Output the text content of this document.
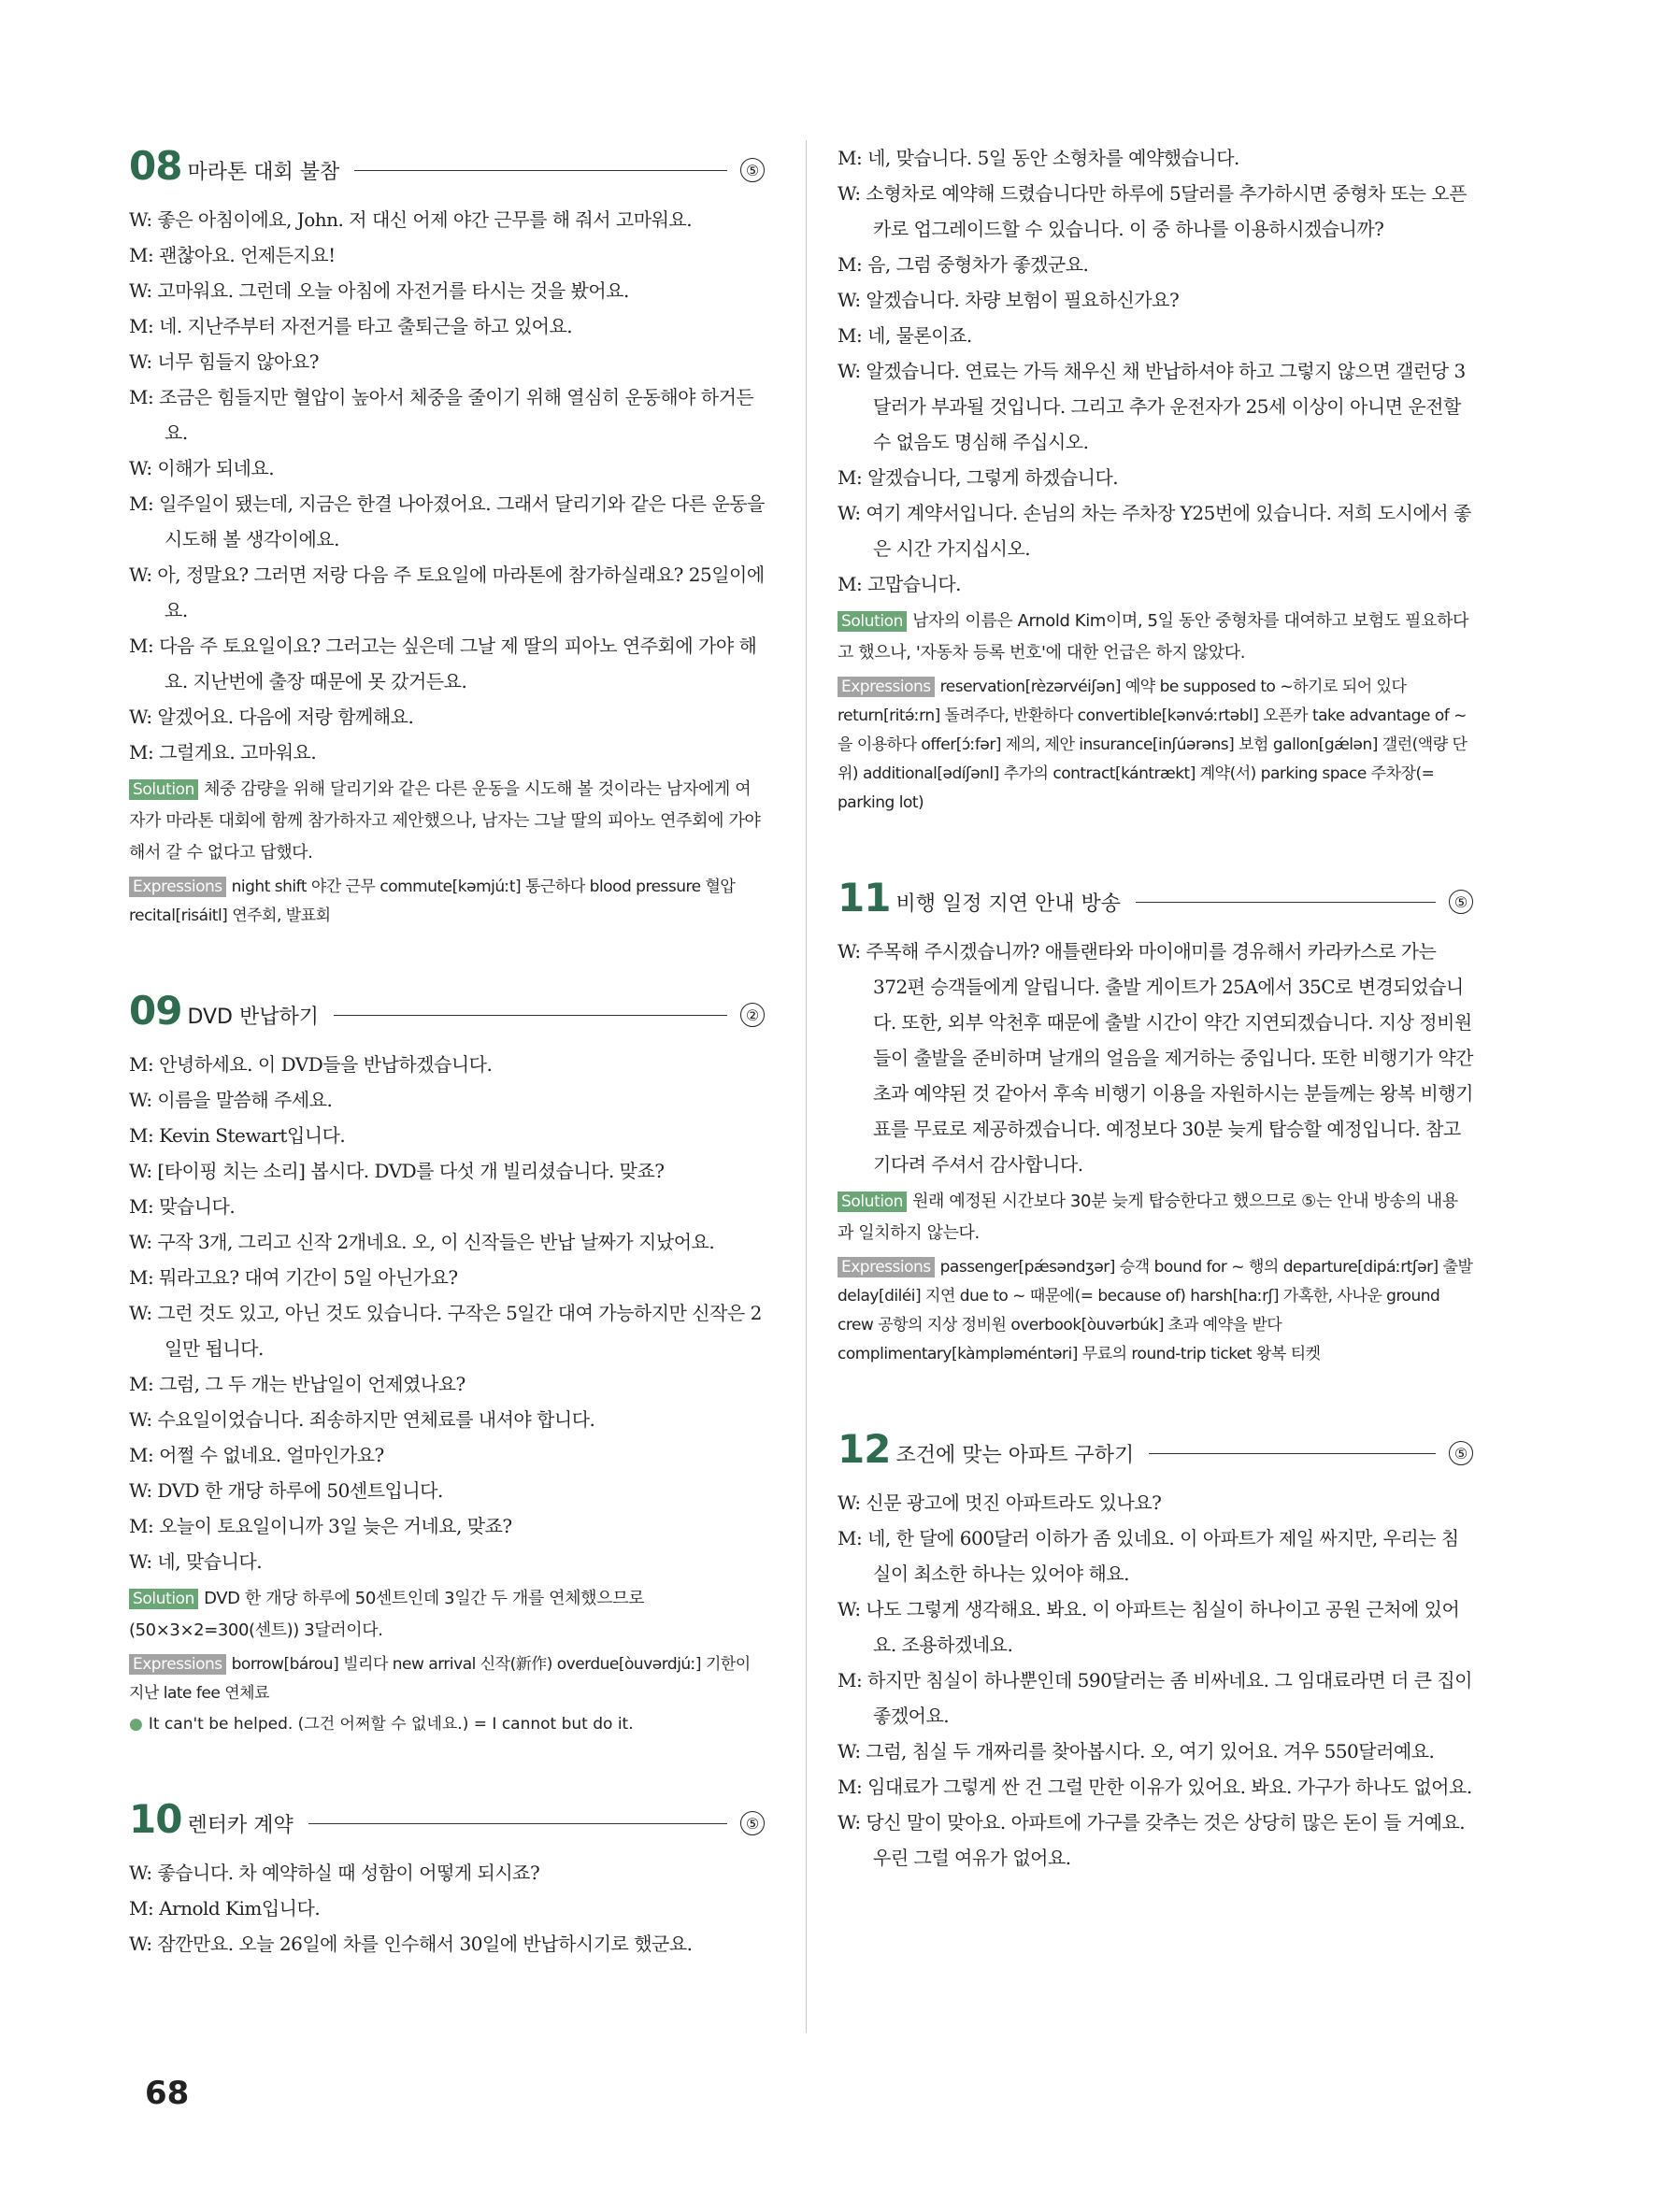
08 마라톤 대회 불참	⑤
W: 좋은 아침이에요, John. 저 대신 어제 야간 근무를 해 줘서 고마워요.
M: 괜찮아요. 언제든지요!
W: 고마워요. 그런데 오늘 아침에 자전거를 타시는 것을 봤어요.
M: 네. 지난주부터 자전거를 타고 출퇴근을 하고 있어요.
W: 너무 힘들지 않아요?
M: 조금은 힘들지만 혈압이 높아서 체중을 줄이기 위해 열심히 운동해야 하거든요.
W: 이해가 되네요.
M: 일주일이 됐는데, 지금은 한결 나아졌어요. 그래서 달리기와 같은 다른 운동을 시도해 볼 생각이에요.
W: 아, 정말요? 그러면 저랑 다음 주 토요일에 마라톤에 참가하실래요? 25일이에요.
M: 다음 주 토요일이요? 그러고는 싶은데 그날 제 딸의 피아노 연주회에 가야 해요. 지난번에 출장 때문에 못 갔거든요.
W: 알겠어요. 다음에 저랑 함께해요.
M: 그럴게요. 고마워요.
Solution 체중 감량을 위해 달리기와 같은 다른 운동을 시도해 볼 것이라는 남자에게 여자가 마라톤 대회에 함께 참가하자고 제안했으나, 남자는 그날 딸의 피아노 연주회에 가야 해서 갈 수 없다고 답했다.
Expressions night shift 야간 근무 commute[kəmjúːt] 통근하다 blood pressure 혈압 recital[risáitl] 연주회, 발표회
09 DVD 반납하기	②
M: 안녕하세요. 이 DVD들을 반납하겠습니다.
W: 이름을 말씀해 주세요.
M: Kevin Stewart입니다.
W: [타이핑 치는 소리] 봅시다. DVD를 다섯 개 빌리셨습니다. 맞죠?
M: 맞습니다.
W: 구작 3개, 그리고 신작 2개네요. 오, 이 신작들은 반납 날짜가 지났어요.
M: 뭐라고요? 대여 기간이 5일 아닌가요?
W: 그런 것도 있고, 아닌 것도 있습니다. 구작은 5일간 대여 가능하지만 신작은 2일만 됩니다.
M: 그럼, 그 두 개는 반납일이 언제였나요?
W: 수요일이었습니다. 죄송하지만 연체료를 내셔야 합니다.
M: 어쩔 수 없네요. 얼마인가요?
W: DVD 한 개당 하루에 50센트입니다.
M: 오늘이 토요일이니까 3일 늦은 거네요, 맞죠?
W: 네, 맞습니다.
Solution DVD 한 개당 하루에 50센트인데 3일간 두 개를 연체했으므로 (50×3×2=300(센트)) 3달러이다.
Expressions borrow[bárou] 빌리다 new arrival 신작(新作) overdue[òuvərdjúː] 기한이 지난 late fee 연체료
● It can't be helped. (그건 어쩌할 수 없네요.) = I cannot but do it.
10 렌터카 계약	⑤
W: 좋습니다. 차 예약하실 때 성함이 어떻게 되시죠?
M: Arnold Kim입니다.
W: 잠깐만요. 오늘 26일에 차를 인수해서 30일에 반납하시기로 했군요.
M: 네, 맞습니다. 5일 동안 소형차를 예약했습니다.
W: 소형차로 예약해 드렸습니다만 하루에 5달러를 추가하시면 중형차 또는 오픈카로 업그레이드할 수 있습니다. 이 중 하나를 이용하시겠습니까?
M: 음, 그럼 중형차가 좋겠군요.
W: 알겠습니다. 차량 보험이 필요하신가요?
M: 네, 물론이죠.
W: 알겠습니다. 연료는 가득 채우신 채 반납하셔야 하고 그렇지 않으면 갤런당 3달러가 부과될 것입니다. 그리고 추가 운전자가 25세 이상이 아니면 운전할 수 없음도 명심해 주십시오.
M: 알겠습니다, 그렇게 하겠습니다.
W: 여기 계약서입니다. 손님의 차는 주차장 Y25번에 있습니다. 저희 도시에서 좋은 시간 가지십시오.
M: 고맙습니다.
Solution 남자의 이름은 Arnold Kim이며, 5일 동안 중형차를 대여하고 보험도 필요하다고 했으나, '자동차 등록 번호'에 대한 언급은 하지 않았다.
Expressions reservation[rèzərvéiʃən] 예약 be supposed to ~하기로 되어 있다 return[ritə́ːrn] 돌려주다, 반환하다 convertible[kənvə́ːrtəbl] 오픈카 take advantage of ~을 이용하다 offer[ɔ́ːfər] 제의, 제안 insurance[inʃúərəns] 보험 gallon[gǽlən] 갤런(액량 단위) additional[ədíʃənl] 추가의 contract[kántrækt] 계약(서) parking space 주차장(= parking lot)
11 비행 일정 지연 안내 방송	⑤
W: 주목해 주시겠습니까? 애틀랜타와 마이애미를 경유해서 카라카스로 가는 372편 승객들에게 알립니다. 출발 게이트가 25A에서 35C로 변경되었습니다. 또한, 외부 악천후 때문에 출발 시간이 약간 지연되겠습니다. 지상 정비원들이 출발을 준비하며 날개의 얼음을 제거하는 중입니다. 또한 비행기가 약간 초과 예약된 것 같아서 후속 비행기 이용을 자원하시는 분들께는 왕복 비행기표를 무료로 제공하겠습니다. 예정보다 30분 늦게 탑승할 예정입니다. 참고 기다려 주셔서 감사합니다.
Solution 원래 예정된 시간보다 30분 늦게 탑승한다고 했으므로 ⑤는 안내 방송의 내용과 일치하지 않는다.
Expressions passenger[pǽsəndʒər] 승객 bound for ~ 행의 departure[dipáːrtʃər] 출발 delay[diléi] 지연 due to ~ 때문에(= because of) harsh[haːrʃ] 가혹한, 사나운 ground crew 공항의 지상 정비원 overbook[òuvərbúk] 초과 예약을 받다 complimentary[kàmpləméntəri] 무료의 round-trip ticket 왕복 티켓
12 조건에 맞는 아파트 구하기	⑤
W: 신문 광고에 멋진 아파트라도 있나요?
M: 네, 한 달에 600달러 이하가 좀 있네요. 이 아파트가 제일 싸지만, 우리는 침실이 최소한 하나는 있어야 해요.
W: 나도 그렇게 생각해요. 봐요. 이 아파트는 침실이 하나이고 공원 근처에 있어요. 조용하겠네요.
M: 하지만 침실이 하나뿐인데 590달러는 좀 비싸네요. 그 임대료라면 더 큰 집이 좋겠어요.
W: 그럼, 침실 두 개짜리를 찾아봅시다. 오, 여기 있어요. 겨우 550달러예요.
M: 임대료가 그렇게 싼 건 그럴 만한 이유가 있어요. 봐요. 가구가 하나도 없어요.
W: 당신 말이 맞아요. 아파트에 가구를 갖추는 것은 상당히 많은 돈이 들 거예요. 우린 그럴 여유가 없어요.
68
